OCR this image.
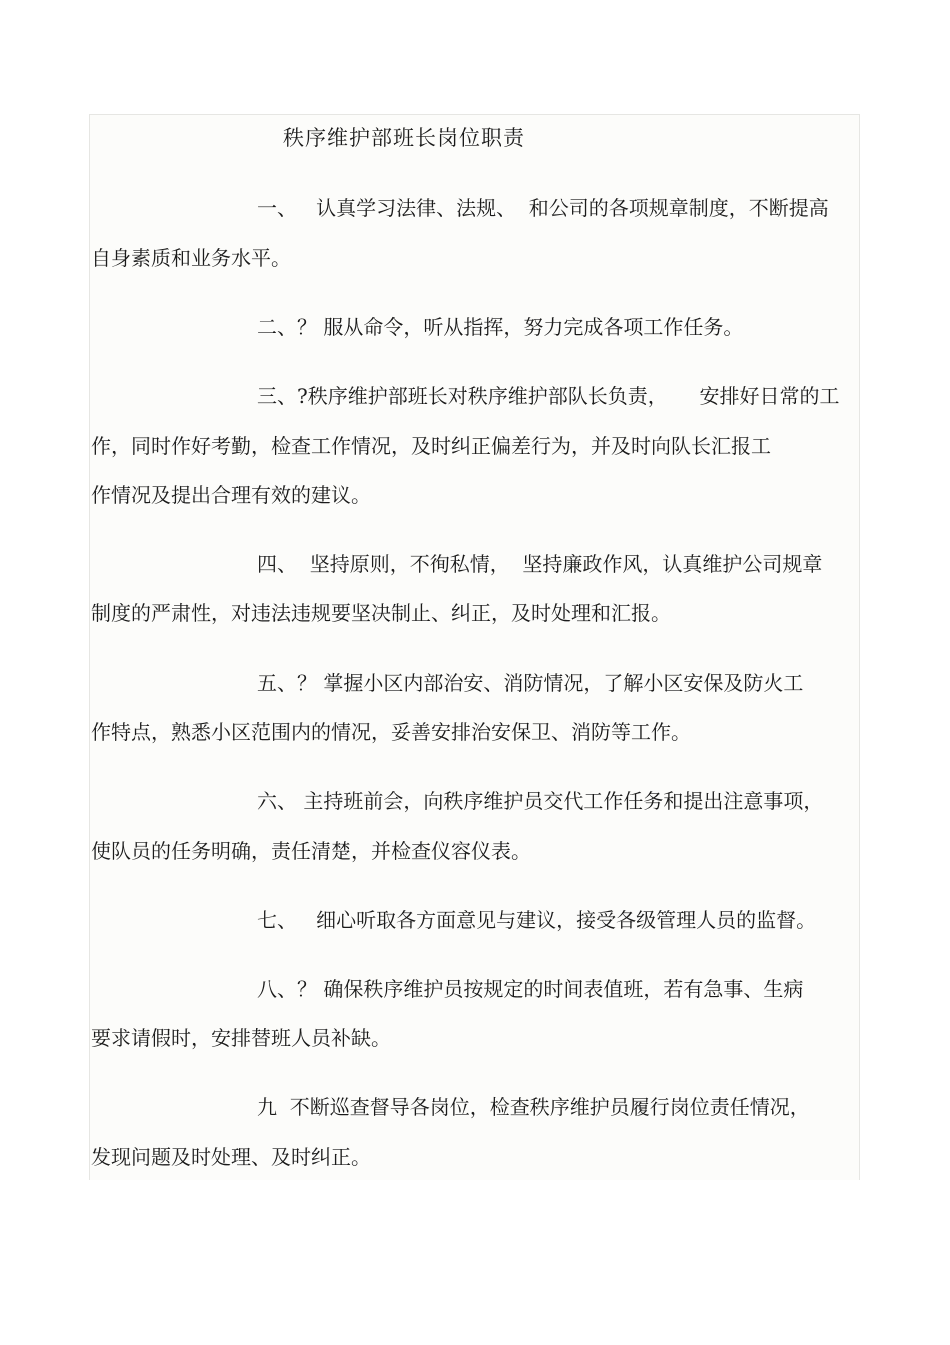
秩序维护部班长岗位职责
一、   认真学习法律、法规、  和公司的各项规章制度，不断提高
自身素质和业务水平。
二、？ 服从命令，听从指挥，努力完成各项工作任务。
三、?秩序维护部班长对秩序维护部队长负责，     安排好日常的工
作，同时作好考勤，检查工作情况，及时纠正偏差行为，并及时向队长汇报工
作情况及提出合理有效的建议。
四、  坚持原则，不徇私情，  坚持廉政作风，认真维护公司规章
制度的严肃性，对违法违规要坚决制止、纠正，及时处理和汇报。
五、？ 掌握小区内部治安、消防情况，了解小区安保及防火工
作特点，熟悉小区范围内的情况，妥善安排治安保卫、消防等工作。
六、 主持班前会，向秩序维护员交代工作任务和提出注意事项，
使队员的任务明确，责任清楚，并检查仪容仪表。
七、   细心听取各方面意见与建议，接受各级管理人员的监督。
八、？ 确保秩序维护员按规定的时间表值班，若有急事、生病
要求请假时，安排替班人员补缺。
九  不断巡查督导各岗位，检查秩序维护员履行岗位责任情况，
发现问题及时处理、及时纠正。
